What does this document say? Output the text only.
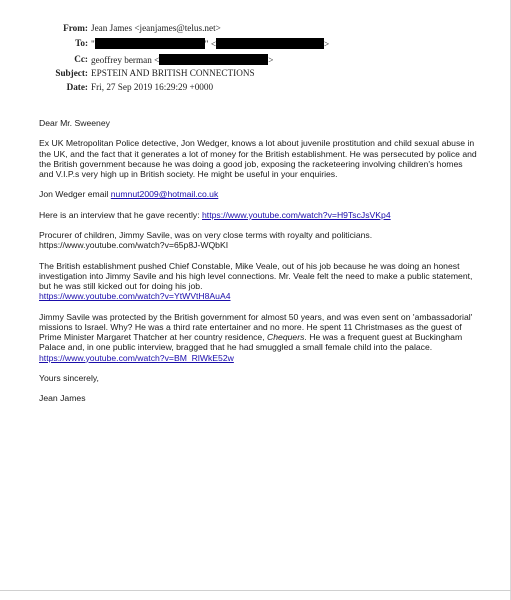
From: Jean James <jeanjames@telus.net>
To: "	" <	>
Cc: geoffrey berman <	>
Subject: EPSTEIN AND BRITISH CONNECTIONS
Date: Fri, 27 Sep 2019 16:29:29 +0000

Dear Mr. Sweeney

Ex UK Metropolitan Police detective, Jon Wedger, knows a lot about juvenile prostitution and child sexual abuse in the UK, and the fact that it generates a lot of money for the British establishment. He was persecuted by police and the British government because he was doing a good job, exposing the racketeering involving children's homes and V.I.P.s very high up in British society. He might be useful in your enquiries.

Jon Wedger email numnut2009@hotmail.co.uk

Here is an interview that he gave recently: https://www.youtube.com/watch?v=H9TscJsVKp4

Procurer of children, Jimmy Savile, was on very close terms with royalty and politicians.
https://www.youtube.com/watch?v=65p8J-WQbKI

The British establishment pushed Chief Constable, Mike Veale, out of his job because he was doing an honest investigation into Jimmy Savile and his high level connections. Mr. Veale felt the need to make a public statement, but he was still kicked out for doing his job.
https://www.youtube.com/watch?v=YtWVtH8AuA4

Jimmy Savile was protected by the British government for almost 50 years, and was even sent on 'ambassadorial' missions to Israel. Why? He was a third rate entertainer and no more. He spent 11 Christmases as the guest of Prime Minister Margaret Thatcher at her country residence, Chequers. He was a frequent guest at Buckingham Palace and, in one public interview, bragged that he had smuggled a small female child into the palace. https://www.youtube.com/watch?v=BM_RlWkE52w

Yours sincerely,

Jean James
